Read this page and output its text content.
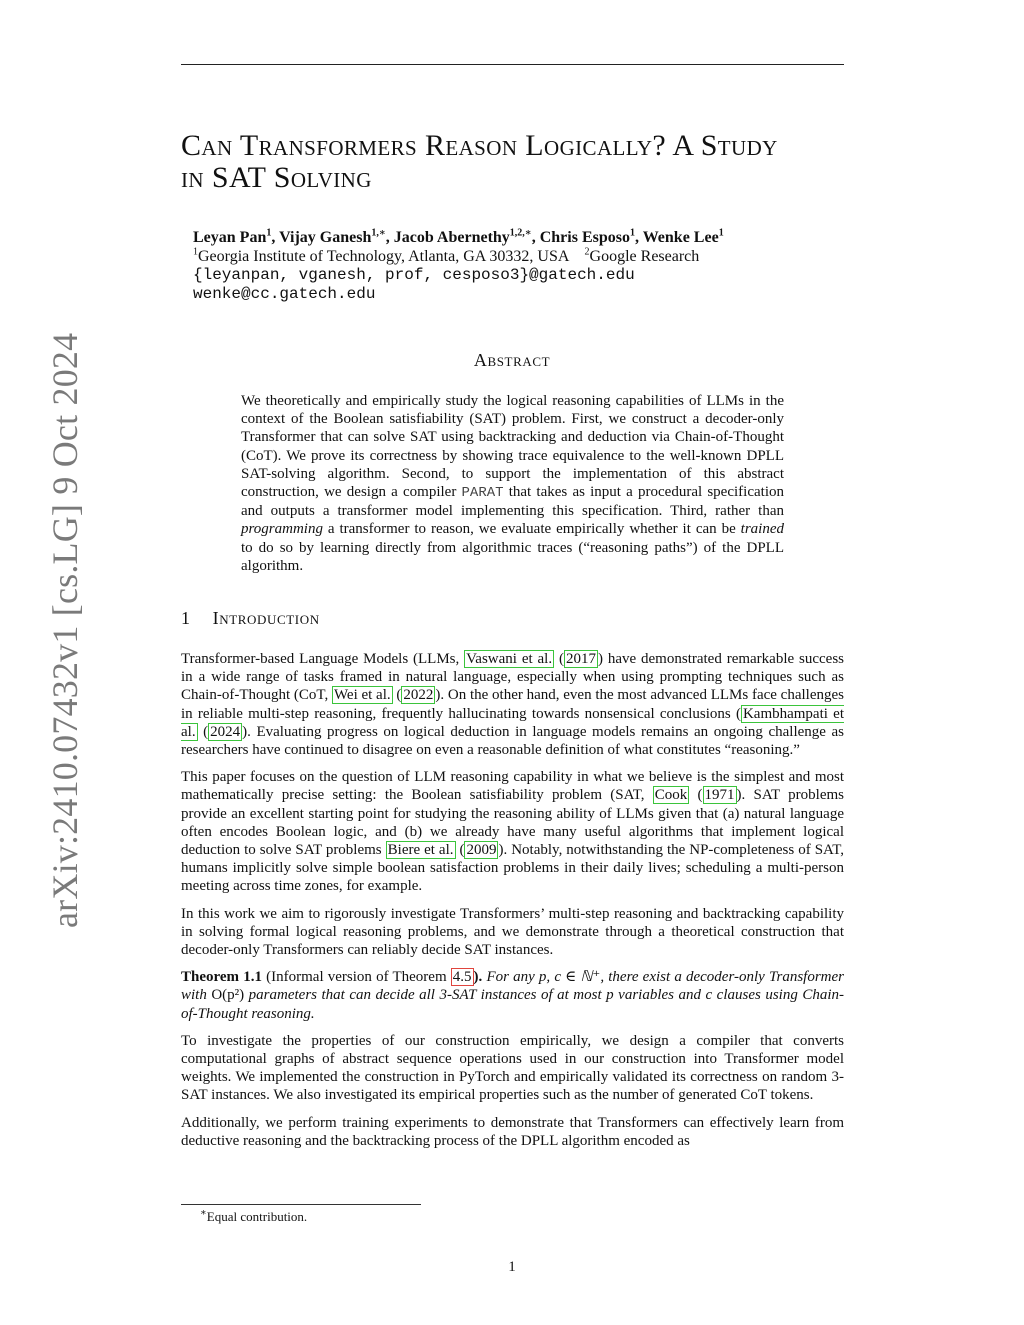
arXiv:2410.07432v1 [cs.LG] 9 Oct 2024
Can Transformers Reason Logically? A Study
in SAT Solving
Leyan Pan$^1$, Vijay Ganesh$^{1,∗}$, Jacob Abernethy$^{1,2,∗}$, Chris Esposo$^1$, Wenke Lee$^1$
$^1$Georgia Institute of Technology, Atlanta, GA 30332, USA $^2$Google Research
{leyanpan, vganesh, prof, cesposo3}@gatech.edu
wenke@cc.gatech.edu
Abstract

We theoretically and empirically study the logical reasoning capabilities of LLMs in the context of the Boolean satisfiability (SAT) problem. First, we construct a decoder-only Transformer that can solve SAT using backtracking and deduction via Chain-of-Thought (CoT). We prove its correctness by showing trace equivalence to the well-known DPLL SAT-solving algorithm. Second, to support the implementation of this abstract construction, we design a compiler PARAT that takes as input a procedural specification and outputs a transformer model implementing this specification. Third, rather than programming a transformer to reason, we evaluate empirically whether it can be trained to do so by learning directly from algorithmic traces (“reasoning paths”) of the DPLL algorithm.

1 Introduction

Transformer-based Language Models (LLMs, Vaswani et al. ( 2017 ) have demonstrated remarkable success in a wide range of tasks framed in natural language, especially when using prompting techniques such as Chain-of-Thought (CoT, Wei et al. ( 2022 ). On the other hand, even the most advanced LLMs face challenges in reliable multi-step reasoning, frequently hallucinating towards nonsensical conclusions ( Kambhampati et al. ( 2024 ). Evaluating progress on logical deduction in language models remains an ongoing challenge as researchers have continued to disagree on even a reasonable definition of what constitutes “reasoning.”

This paper focuses on the question of LLM reasoning capability in what we believe is the simplest and most mathematically precise setting: the Boolean satisfiability problem (SAT, Cook ( 1971 ). SAT problems provide an excellent starting point for studying the reasoning ability of LLMs given that (a) natural language often encodes Boolean logic, and (b) we already have many useful algorithms that implement logical deduction to solve SAT problems Biere et al. ( 2009 ). Notably, notwithstanding the NP-completeness of SAT, humans implicitly solve simple boolean satisfaction problems in their daily lives; scheduling a multi-person meeting across time zones, for example.

In this work we aim to rigorously investigate Transformers’ multi-step reasoning and backtracking capability in solving formal logical reasoning problems, and we demonstrate through a theoretical construction that decoder-only Transformers can reliably decide SAT instances.

Theorem 1.1 (Informal version of Theorem 4.5 ). For any p, c ∈ ℕ⁺, there exist a decoder-only Transformer with O(p²) parameters that can decide all 3-SAT instances of at most p variables and c clauses using Chain-of-Thought reasoning.

To investigate the properties of our construction empirically, we design a compiler that converts computational graphs of abstract sequence operations used in our construction into Transformer model weights. We implemented the construction in PyTorch and empirically validated its correctness on random 3-SAT instances. We also investigated its empirical properties such as the number of generated CoT tokens.

Additionally, we perform training experiments to demonstrate that Transformers can effectively learn from deductive reasoning and the backtracking process of the DPLL algorithm encoded as

∗Equal contribution.
1
